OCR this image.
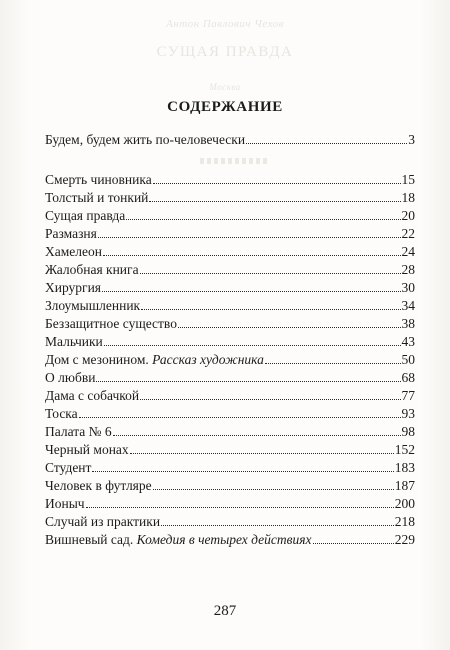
Антон Павлович Чехов
СУЩАЯ ПРАВДА
Москва
СОДЕРЖАНИЕ
Будем, будем жить по-человечески	3
Смерть чиновника	15
Толстый и тонкий	18
Сущая правда	20
Размазня	22
Хамелеон	24
Жалобная книга	28
Хирургия	30
Злоумышленник	34
Беззащитное существо	38
Мальчики	43
Дом с мезонином. Рассказ художника	50
О любви	68
Дама с собачкой	77
Тоска	93
Палата № 6	98
Черный монах	152
Студент	183
Человек в футляре	187
Ионыч	200
Случай из практики	218
Вишневый сад. Комедия в четырех действиях	229
287
